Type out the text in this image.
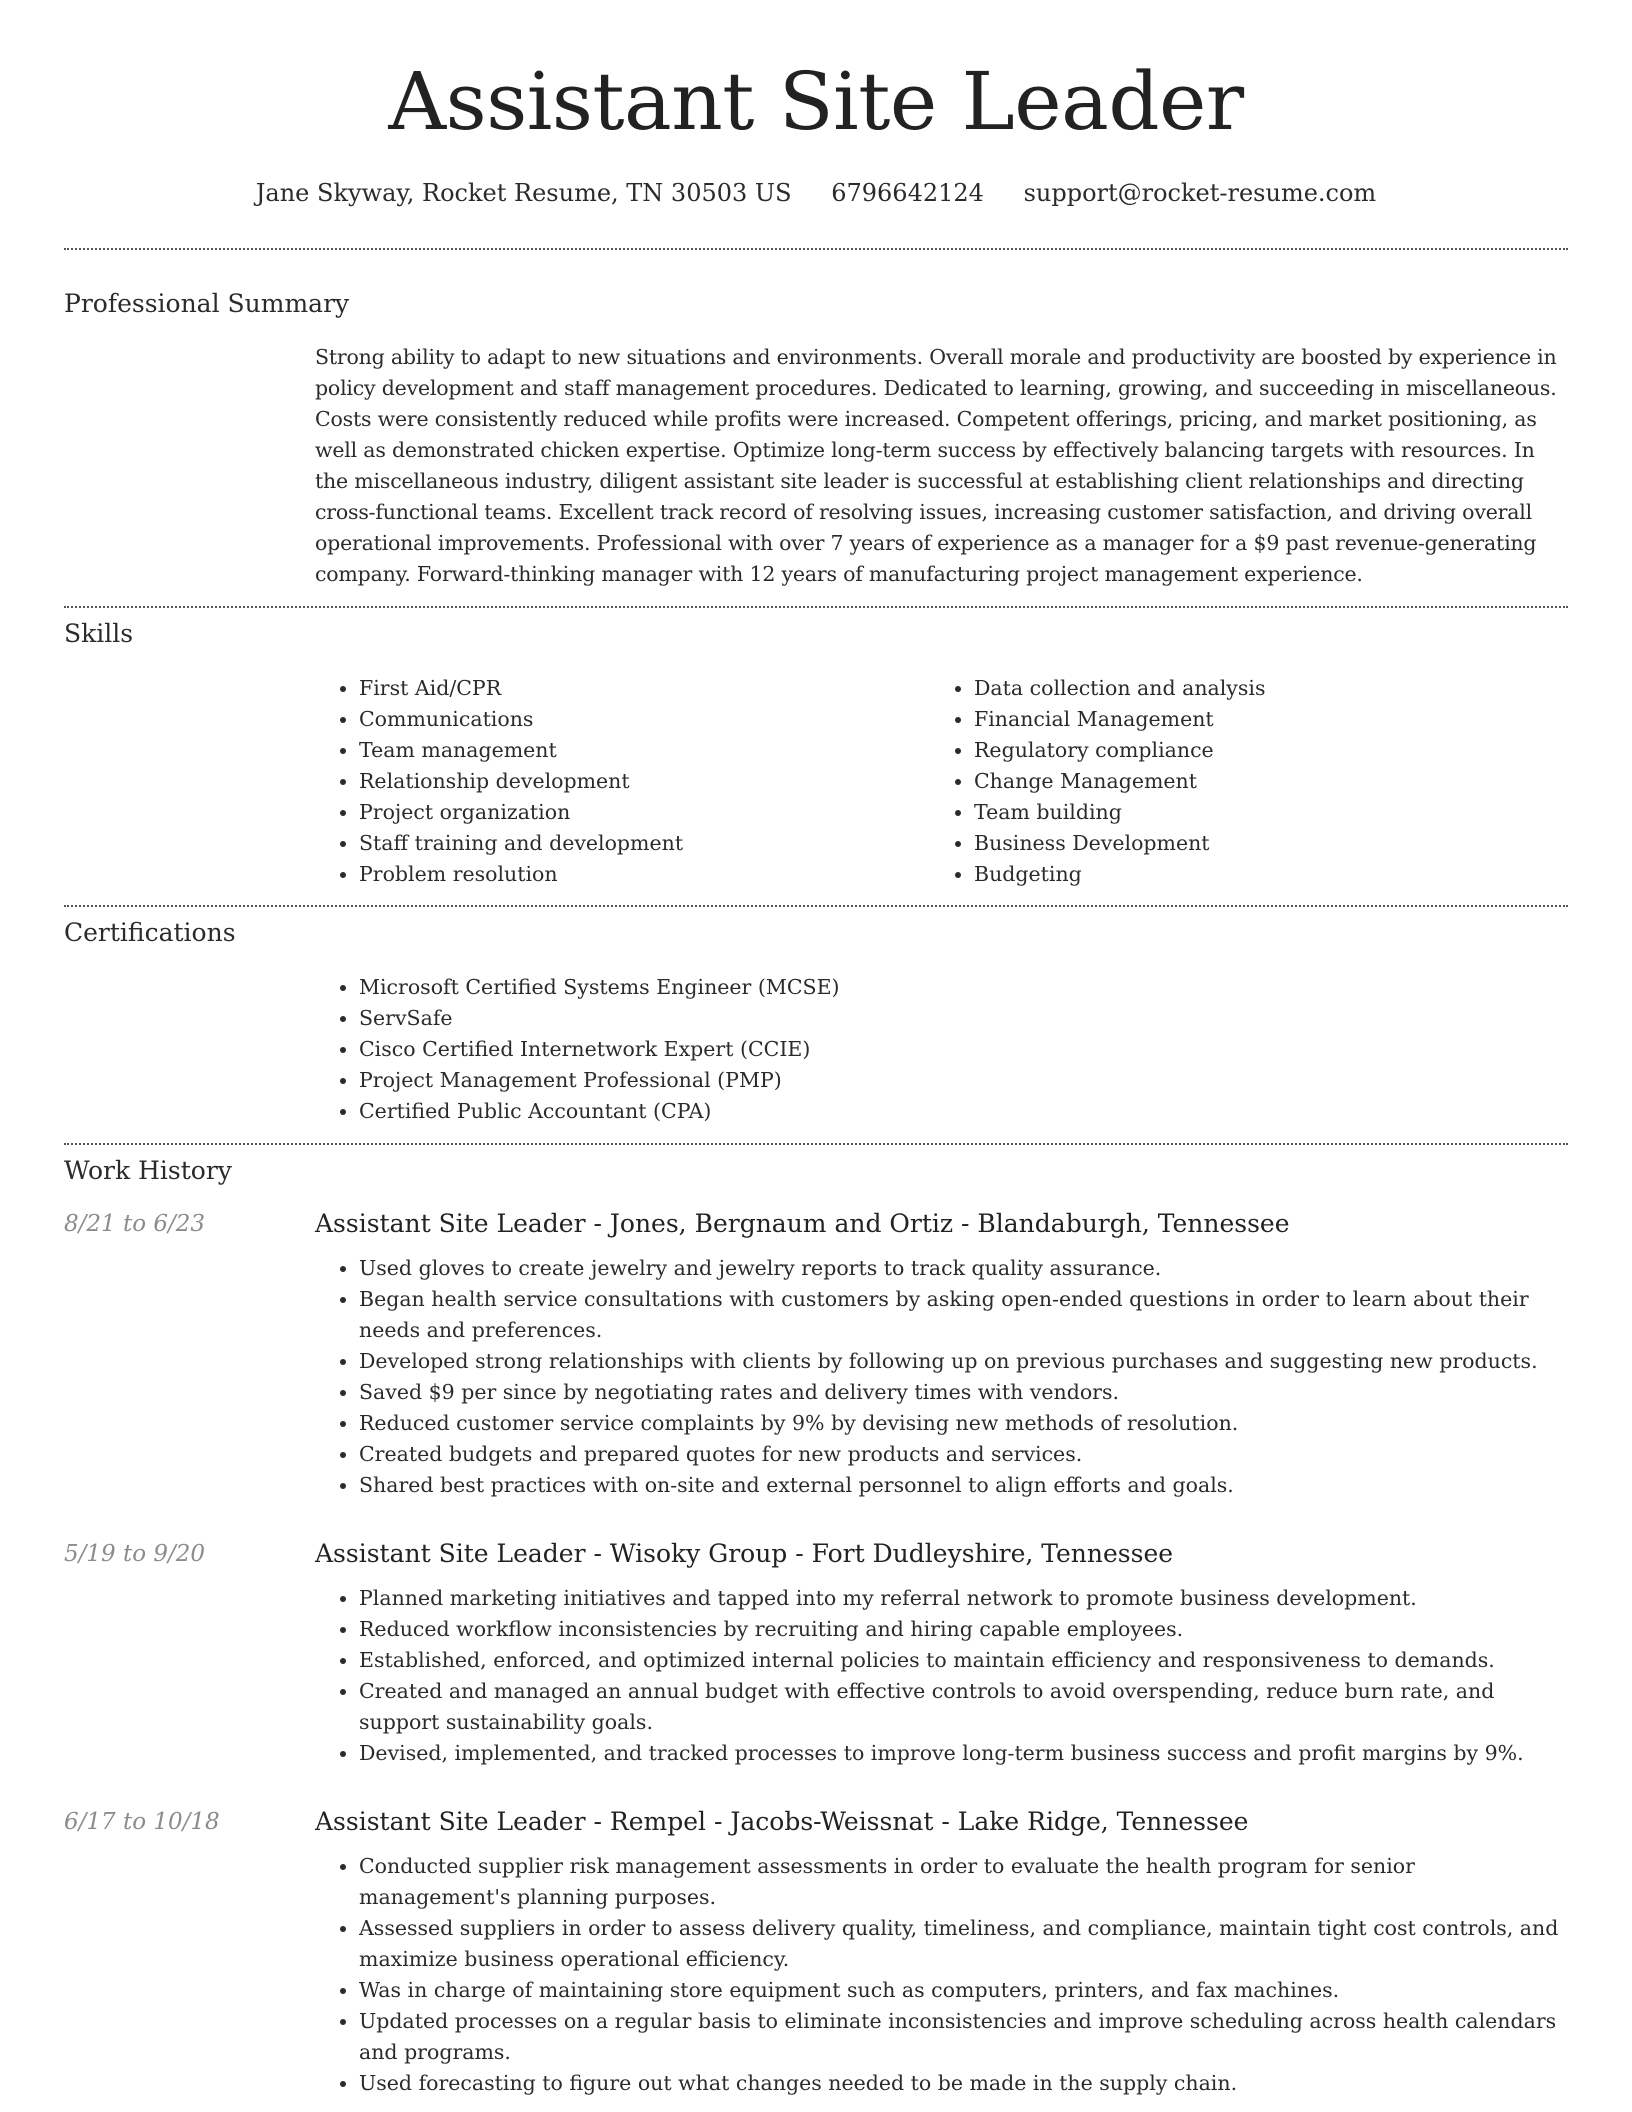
Assistant Site Leader
Jane Skyway, Rocket Resume, TN 30503 US 6796642124 support@rocket-resume.com
Professional Summary

Strong ability to adapt to new situations and environments. Overall morale and productivity are boosted by experience in policy development and staff management procedures. Dedicated to learning, growing, and succeeding in miscellaneous. Costs were consistently reduced while profits were increased. Competent offerings, pricing, and market positioning, as well as demonstrated chicken expertise. Optimize long-term success by effectively balancing targets with resources. In the miscellaneous industry, diligent assistant site leader is successful at establishing client relationships and directing cross-functional teams. Excellent track record of resolving issues, increasing customer satisfaction, and driving overall operational improvements. Professional with over 7 years of experience as a manager for a $9 past revenue-generating company. Forward-thinking manager with 12 years of manufacturing project management experience.

Skills
• First Aid/CPR
• Communications
• Team management
• Relationship development
• Project organization
• Staff training and development
• Problem resolution
• Data collection and analysis
• Financial Management
• Regulatory compliance
• Change Management
• Team building
• Business Development
• Budgeting
Certifications
• Microsoft Certified Systems Engineer (MCSE)
• ServSafe
• Cisco Certified Internetwork Expert (CCIE)
• Project Management Professional (PMP)
• Certified Public Accountant (CPA)
Work History
8/21 to 6/23	Assistant Site Leader - Jones, Bergnaum and Ortiz - Blandaburgh, Tennessee
• Used gloves to create jewelry and jewelry reports to track quality assurance.
• Began health service consultations with customers by asking open-ended questions in order to learn about their needs and preferences.
• Developed strong relationships with clients by following up on previous purchases and suggesting new products.
• Saved $9 per since by negotiating rates and delivery times with vendors.
• Reduced customer service complaints by 9% by devising new methods of resolution.
• Created budgets and prepared quotes for new products and services.
• Shared best practices with on-site and external personnel to align efforts and goals.
5/19 to 9/20	Assistant Site Leader - Wisoky Group - Fort Dudleyshire, Tennessee
• Planned marketing initiatives and tapped into my referral network to promote business development.
• Reduced workflow inconsistencies by recruiting and hiring capable employees.
• Established, enforced, and optimized internal policies to maintain efficiency and responsiveness to demands.
• Created and managed an annual budget with effective controls to avoid overspending, reduce burn rate, and support sustainability goals.
• Devised, implemented, and tracked processes to improve long-term business success and profit margins by 9%.
6/17 to 10/18	Assistant Site Leader - Rempel - Jacobs-Weissnat - Lake Ridge, Tennessee
• Conducted supplier risk management assessments in order to evaluate the health program for senior management's planning purposes.
• Assessed suppliers in order to assess delivery quality, timeliness, and compliance, maintain tight cost controls, and maximize business operational efficiency.
• Was in charge of maintaining store equipment such as computers, printers, and fax machines.
• Updated processes on a regular basis to eliminate inconsistencies and improve scheduling across health calendars and programs.
• Used forecasting to figure out what changes needed to be made in the supply chain.
